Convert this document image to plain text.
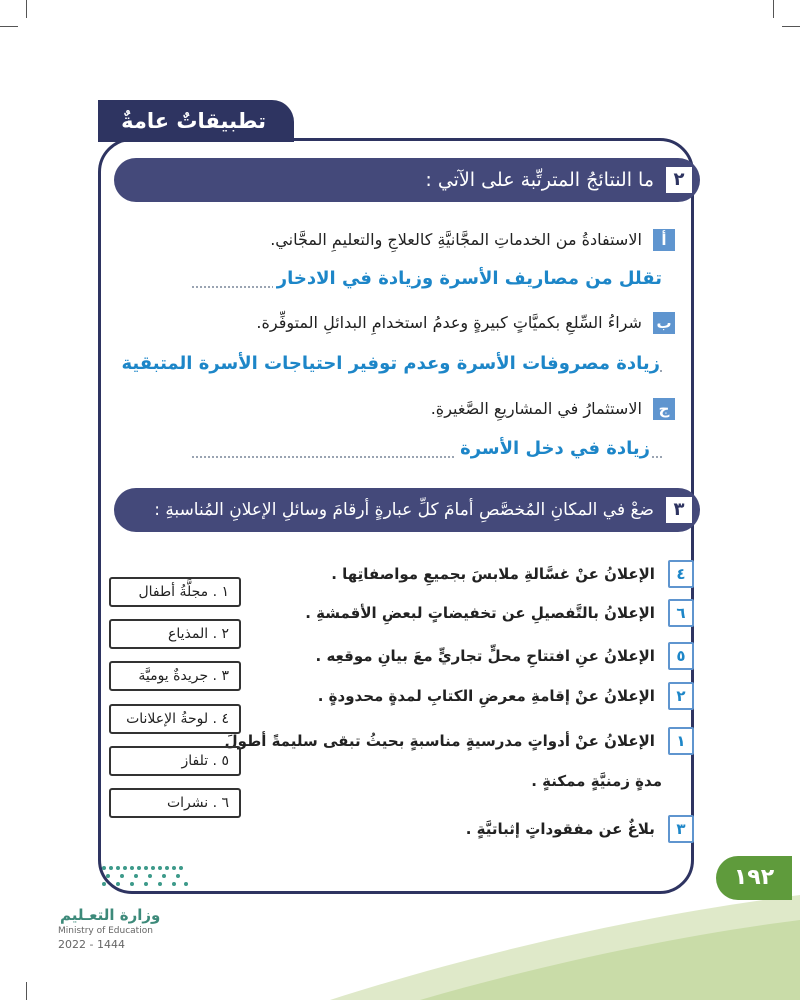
تطبيقاتٌ عامةٌ
٢
ما النتائجُ المترتِّبة على الآتي :
أ الاستفادةُ من الخدماتِ المجَّانيَّةِ كالعلاجِ والتعليمِ المجَّاني.
تقلل من مصاريف الأسرة وزيادة في الادخار
ب شراءُ السِّلعِ بكميَّاتٍ كبيرةٍ وعدمُ استخدامِ البدائلِ المتوفِّرة.
زيادة مصروفات الأسرة وعدم توفير احتياجات الأسرة المتبقية
ج الاستثمارُ في المشاريعِ الصَّغيرةِ.
زيادة في دخل الأسرة
٣
ضعْ في المكانِ المُخصَّصِ أمامَ كلِّ عبارةٍ أرقامَ وسائلِ الإعلانِ المُناسبةِ :
٤ الإعلانُ عنْ غسَّالةِ ملابسَ بجميعِ مواصفاتِها .
٦ الإعلانُ بالتَّفصيلِ عن تخفيضاتٍ لبعضِ الأقمشةِ .
٥ الإعلانُ عنِ افتتاحِ محلٍّ تجاريٍّ معَ بيانِ موقعِه .
٢ الإعلانُ عنْ إقامةِ معرضِ الكتابِ لمدةٍ محدودةٍ .
١ الإعلانُ عنْ أدواتٍ مدرسيةٍ مناسبةٍ بحيثُ تبقى سليمةً أطولَ
مدةٍ زمنيَّةٍ ممكنةٍ .
٣ بلاغٌ عن مفقوداتٍ إثباتيَّةٍ .
١ . مجلَّةُ أطفال
٢ . المذياع
٣ . جريدةٌ يوميَّة
٤ . لوحةُ الإعلانات
٥ . تلفاز
٦ . نشرات
١٩٢
وزارة التعـليم
Ministry of Education
2022 - 1444
